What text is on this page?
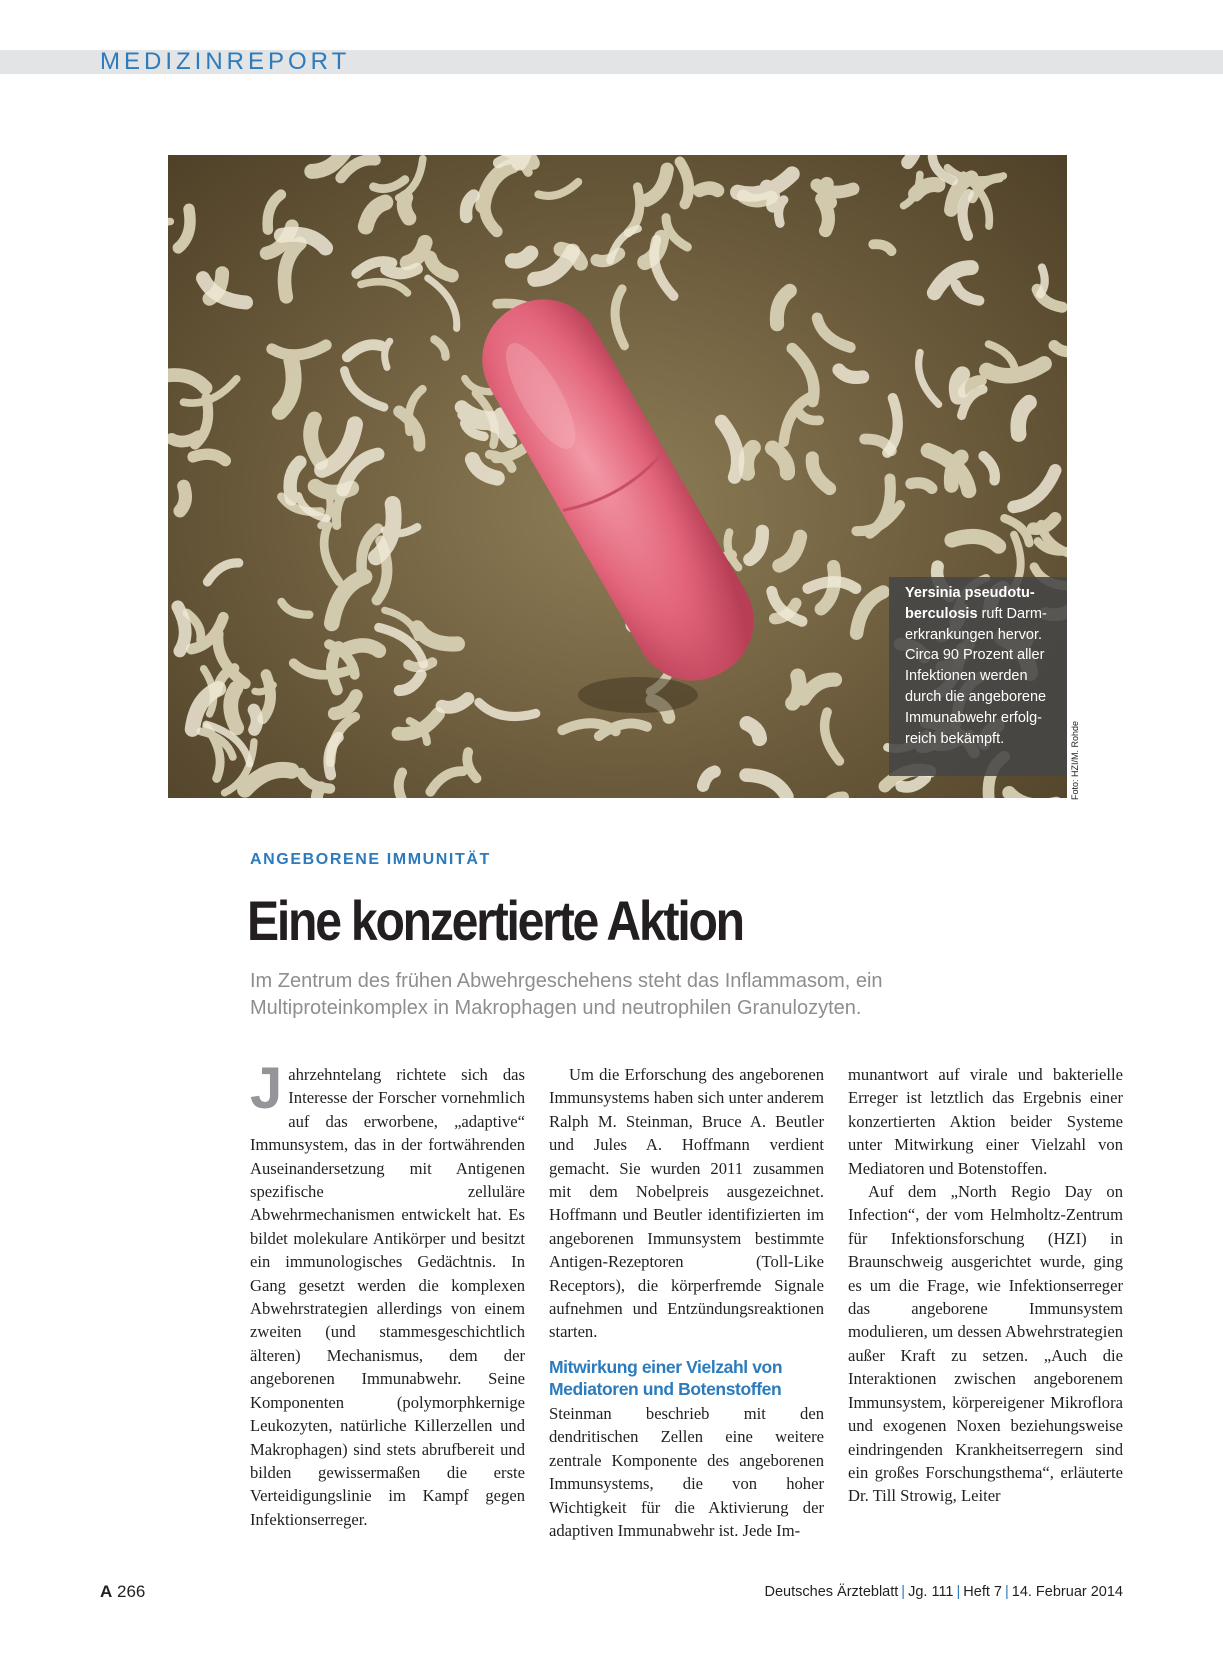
MEDIZINREPORT
Yersinia pseudotu-
berculosis ruft Darm-
erkrankungen hervor.
Circa 90 Prozent aller
Infektionen werden
durch die angeborene
Immunabwehr erfolg-
reich bekämpft.	Foto: HZI/M. Rohde
ANGEBORENE IMMUNITÄT
Eine konzertierte Aktion
Im Zentrum des frühen Abwehrgeschehens steht das Inflammasom, ein Multiproteinkomplex in Makrophagen und neutrophilen Granulozyten.

Jahrzehntelang richtete sich das Interesse der Forscher vornehmlich auf das erworbene, „adaptive“ Immunsystem, das in der fortwährenden Auseinandersetzung mit Antigenen spezifische zelluläre Abwehrmechanismen entwickelt hat. Es bildet molekulare Antikörper und besitzt ein immunologisches Gedächtnis. In Gang gesetzt werden die komplexen Abwehrstrategien allerdings von einem zweiten (und stammesgeschichtlich älteren) Mechanismus, dem der angeborenen Immunabwehr. Seine Komponenten (polymorphkernige Leukozyten, natürliche Killerzellen und Makrophagen) sind stets abrufbereit und bilden gewissermaßen die erste Verteidigungslinie im Kampf gegen Infektionserreger.

Um die Erforschung des angeborenen Immunsystems haben sich unter anderem Ralph M. Steinman, Bruce A. Beutler und Jules A. Hoffmann verdient gemacht. Sie wurden 2011 zusammen mit dem Nobelpreis ausgezeichnet. Hoffmann und Beutler identifizierten im angeborenen Immunsystem bestimmte Antigen-Rezeptoren (Toll-Like Receptors), die körperfremde Signale aufnehmen und Entzündungsreaktionen starten.

Mitwirkung einer Vielzahl von Mediatoren und Botenstoffen

Steinman beschrieb mit den dendritischen Zellen eine weitere zentrale Komponente des angeborenen Immunsystems, die von hoher Wichtigkeit für die Aktivierung der adaptiven Immunabwehr ist. Jede Im-

munantwort auf virale und bakterielle Erreger ist letztlich das Ergebnis einer konzertierten Aktion beider Systeme unter Mitwirkung einer Vielzahl von Mediatoren und Botenstoffen.

Auf dem „North Regio Day on Infection“, der vom Helmholtz-Zentrum für Infektionsforschung (HZI) in Braunschweig ausgerichtet wurde, ging es um die Frage, wie Infektionserreger das angeborene Immunsystem modulieren, um dessen Abwehrstrategien außer Kraft zu setzen. „Auch die Interaktionen zwischen angeborenem Immunsystem, körpereigener Mikroflora und exogenen Noxen beziehungsweise eindringenden Krankheitserregern sind ein großes Forschungsthema“, erläuterte Dr. Till Strowig, Leiter

A 266	Deutsches Ärzteblatt | Jg. 111 | Heft 7 | 14. Februar 2014
